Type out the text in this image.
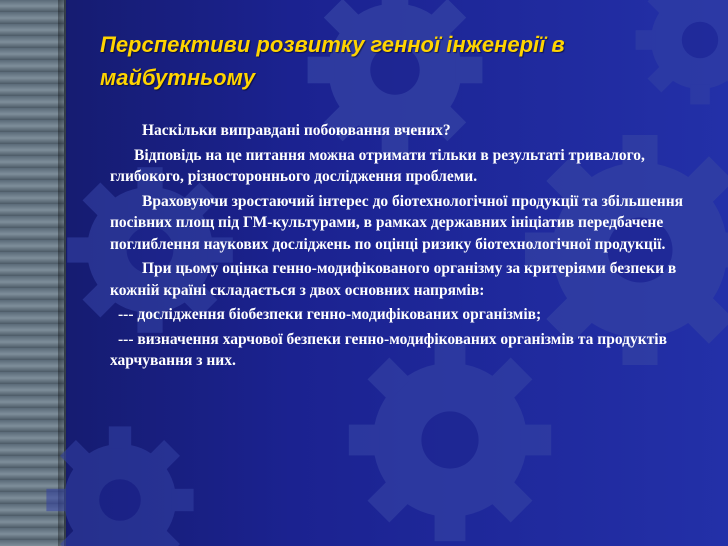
Перспективи розвитку генної інженерії в майбутньому

Наскільки виправдані побоювання вчених?

Відповідь на це питання можна отримати тільки в результаті тривалого, глибокого, різностороннього дослідження проблеми.

Враховуючи зростаючий інтерес до біотехнологічної продукції та збільшення посівних площ під ГМ-культурами, в рамках державних ініціатив передбачене поглиблення наукових досліджень по оцінці ризику біотехнологічної продукції.

При цьому оцінка генно-модифікованого організму за критеріями безпеки в кожній країні складається з двох основних напрямів:

--- дослідження біобезпеки генно-модифікованих організмів;

--- визначення харчової безпеки генно-модифікованих організмів та продуктів харчування з них.
